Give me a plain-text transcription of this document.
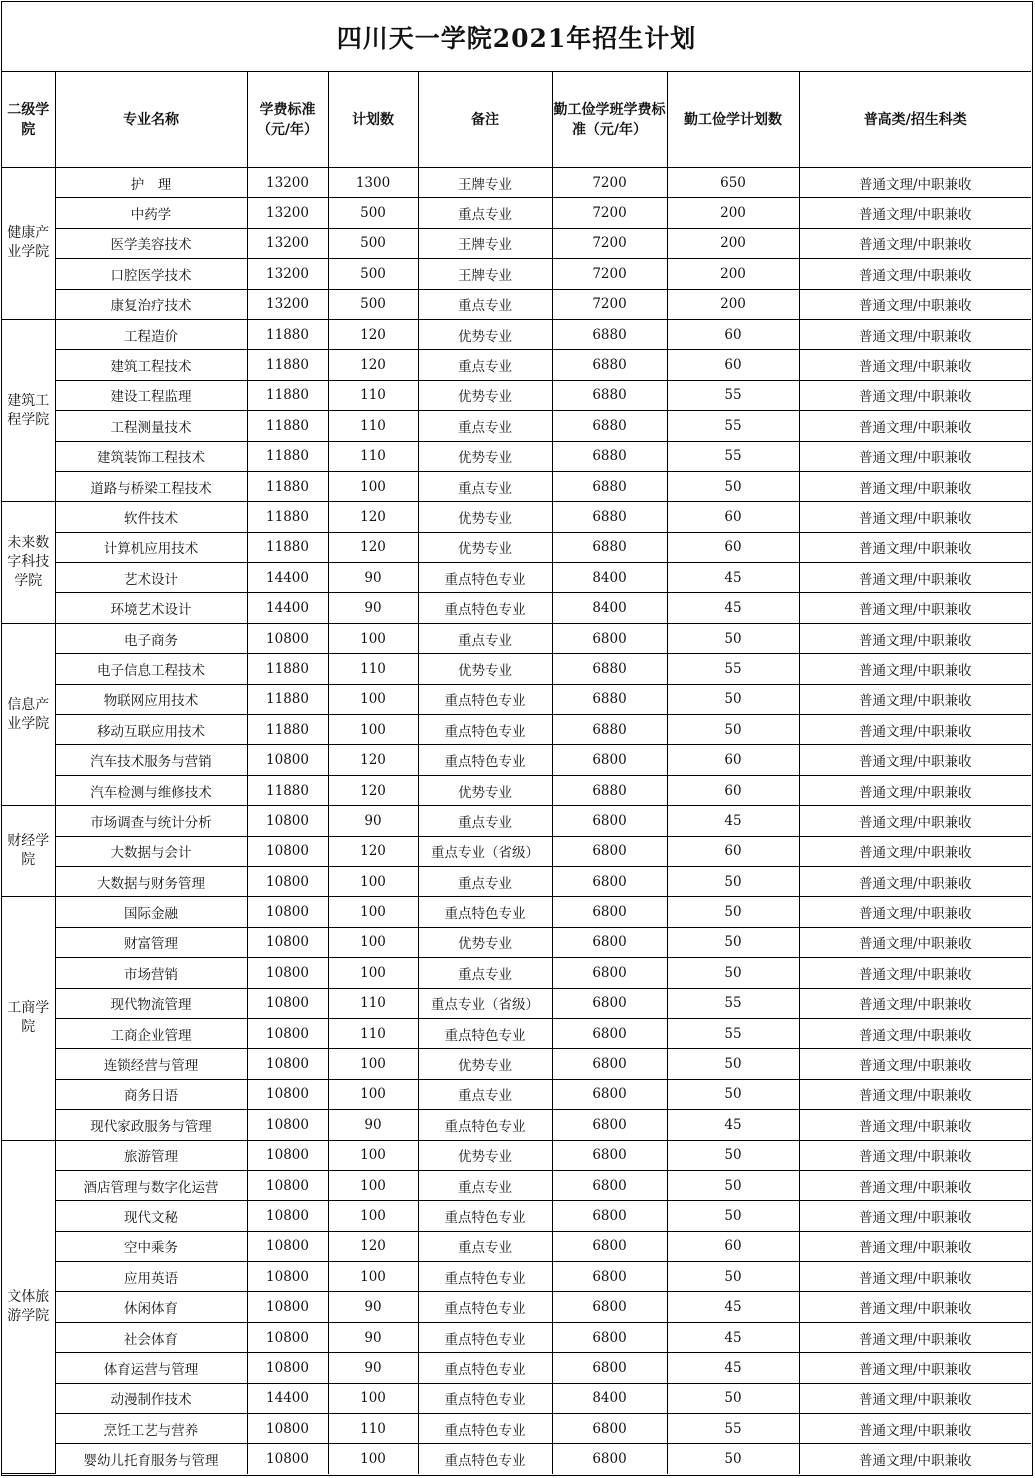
四川天一学院2021年招生计划
二级学院	专业名称	学费标准（元/年）	计划数	备注	勤工俭学班学费标准（元/年）	勤工俭学计划数	普高类/招生科类
健康产业学院	护　理	13200	1300	王牌专业	7200	650	普通文理/中职兼收
	中药学	13200	500	重点专业	7200	200	普通文理/中职兼收
	医学美容技术	13200	500	王牌专业	7200	200	普通文理/中职兼收
	口腔医学技术	13200	500	王牌专业	7200	200	普通文理/中职兼收
	康复治疗技术	13200	500	重点专业	7200	200	普通文理/中职兼收
建筑工程学院	工程造价	11880	120	优势专业	6880	60	普通文理/中职兼收
	建筑工程技术	11880	120	重点专业	6880	60	普通文理/中职兼收
	建设工程监理	11880	110	优势专业	6880	55	普通文理/中职兼收
	工程测量技术	11880	110	重点专业	6880	55	普通文理/中职兼收
	建筑装饰工程技术	11880	110	优势专业	6880	55	普通文理/中职兼收
	道路与桥梁工程技术	11880	100	重点专业	6880	50	普通文理/中职兼收
未来数字科技学院	软件技术	11880	120	优势专业	6880	60	普通文理/中职兼收
	计算机应用技术	11880	120	优势专业	6880	60	普通文理/中职兼收
	艺术设计	14400	90	重点特色专业	8400	45	普通文理/中职兼收
	环境艺术设计	14400	90	重点特色专业	8400	45	普通文理/中职兼收
信息产业学院	电子商务	10800	100	重点专业	6800	50	普通文理/中职兼收
	电子信息工程技术	11880	110	优势专业	6880	55	普通文理/中职兼收
	物联网应用技术	11880	100	重点特色专业	6880	50	普通文理/中职兼收
	移动互联应用技术	11880	100	重点特色专业	6880	50	普通文理/中职兼收
	汽车技术服务与营销	10800	120	重点特色专业	6800	60	普通文理/中职兼收
	汽车检测与维修技术	11880	120	优势专业	6880	60	普通文理/中职兼收
财经学院	市场调查与统计分析	10800	90	重点专业	6800	45	普通文理/中职兼收
	大数据与会计	10800	120	重点专业（省级）	6800	60	普通文理/中职兼收
	大数据与财务管理	10800	100	重点专业	6800	50	普通文理/中职兼收
工商学院	国际金融	10800	100	重点特色专业	6800	50	普通文理/中职兼收
	财富管理	10800	100	优势专业	6800	50	普通文理/中职兼收
	市场营销	10800	100	重点专业	6800	50	普通文理/中职兼收
	现代物流管理	10800	110	重点专业（省级）	6800	55	普通文理/中职兼收
	工商企业管理	10800	110	重点特色专业	6800	55	普通文理/中职兼收
	连锁经营与管理	10800	100	优势专业	6800	50	普通文理/中职兼收
	商务日语	10800	100	重点专业	6800	50	普通文理/中职兼收
	现代家政服务与管理	10800	90	重点特色专业	6800	45	普通文理/中职兼收
文体旅游学院	旅游管理	10800	100	优势专业	6800	50	普通文理/中职兼收
	酒店管理与数字化运营	10800	100	重点专业	6800	50	普通文理/中职兼收
	现代文秘	10800	100	重点特色专业	6800	50	普通文理/中职兼收
	空中乘务	10800	120	重点专业	6800	60	普通文理/中职兼收
	应用英语	10800	100	重点特色专业	6800	50	普通文理/中职兼收
	休闲体育	10800	90	重点特色专业	6800	45	普通文理/中职兼收
	社会体育	10800	90	重点特色专业	6800	45	普通文理/中职兼收
	体育运营与管理	10800	90	重点特色专业	6800	45	普通文理/中职兼收
	动漫制作技术	14400	100	重点特色专业	8400	50	普通文理/中职兼收
	烹饪工艺与营养	10800	110	重点特色专业	6800	55	普通文理/中职兼收
	婴幼儿托育服务与管理	10800	100	重点特色专业	6800	50	普通文理/中职兼收
